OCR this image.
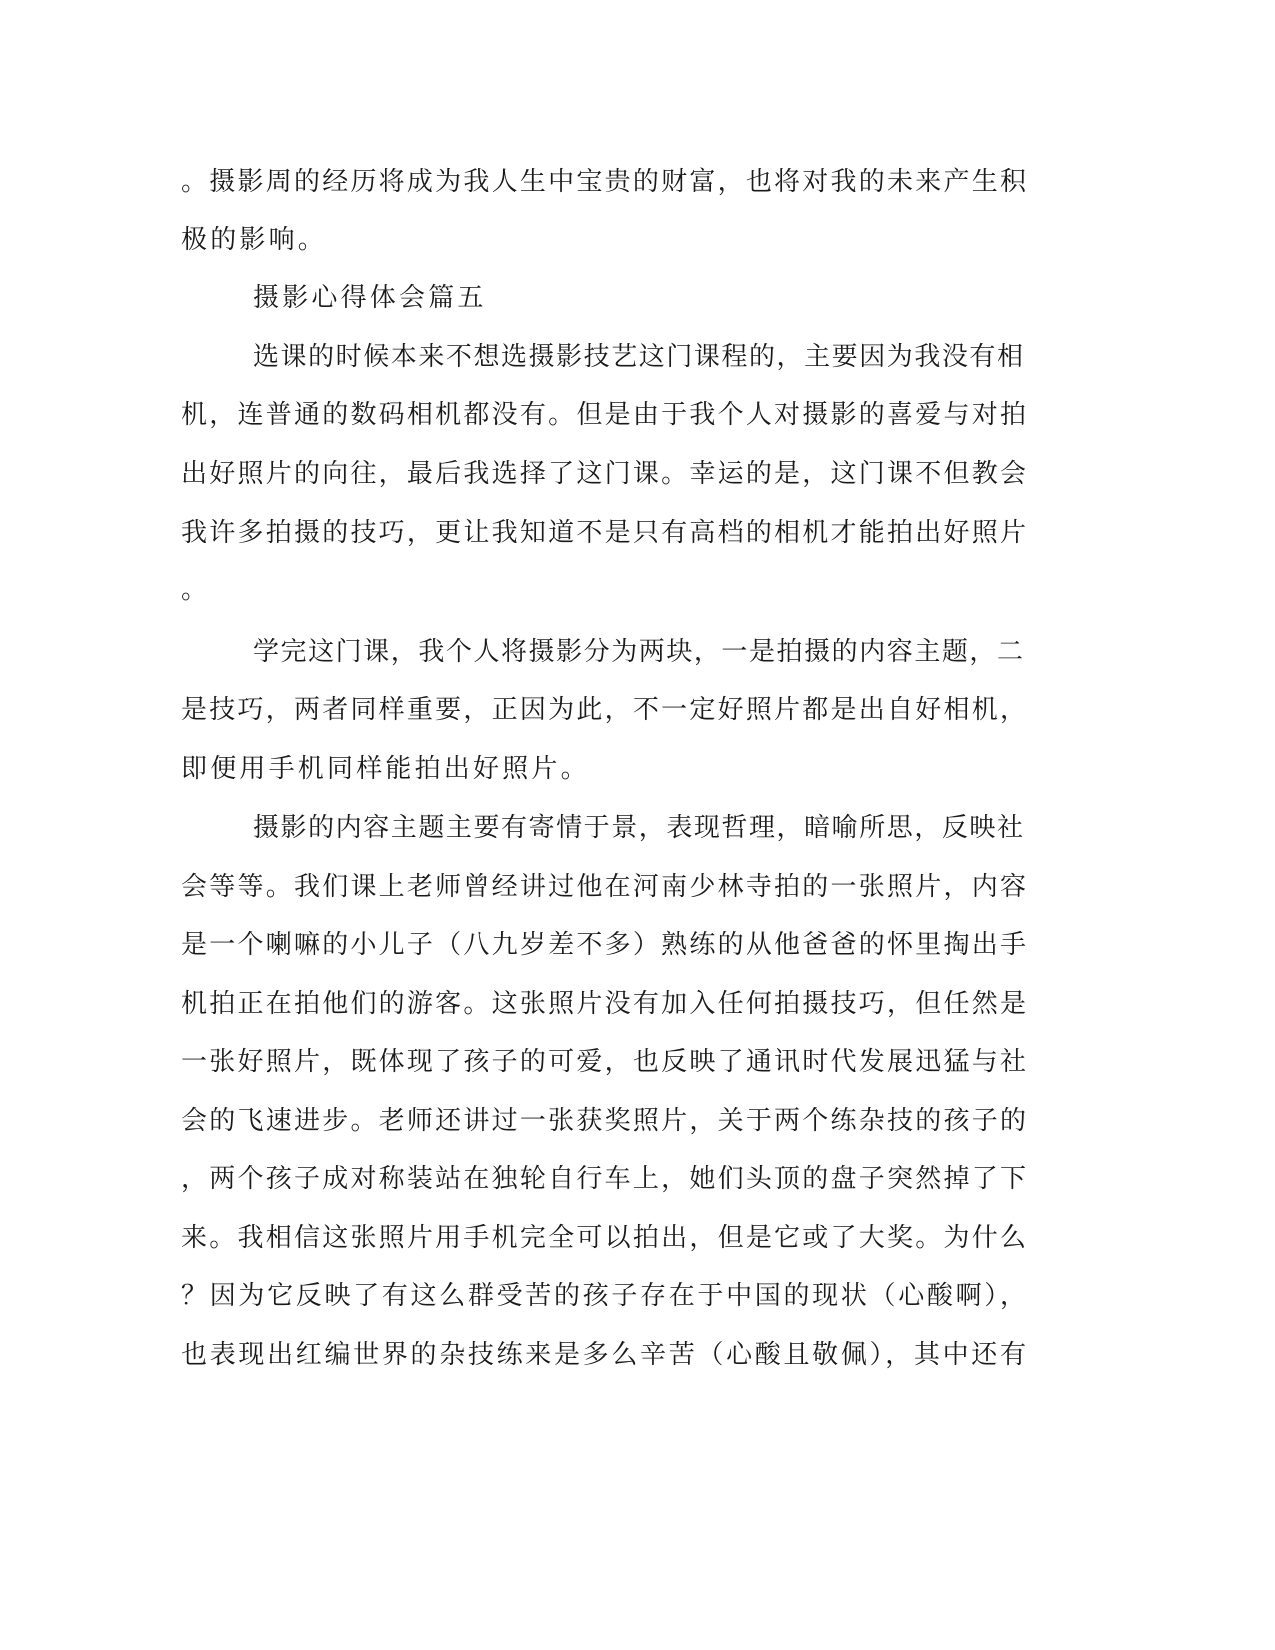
。摄影周的经历将成为我人生中宝贵的财富，也将对我的未来产生积

极的影响。

摄影心得体会篇五

选课的时候本来不想选摄影技艺这门课程的，主要因为我没有相

机，连普通的数码相机都没有。但是由于我个人对摄影的喜爱与对拍

出好照片的向往，最后我选择了这门课。幸运的是，这门课不但教会

我许多拍摄的技巧，更让我知道不是只有高档的相机才能拍出好照片

。

学完这门课，我个人将摄影分为两块，一是拍摄的内容主题，二

是技巧，两者同样重要，正因为此，不一定好照片都是出自好相机，

即便用手机同样能拍出好照片。

摄影的内容主题主要有寄情于景，表现哲理，暗喻所思，反映社

会等等。我们课上老师曾经讲过他在河南少林寺拍的一张照片，内容

是一个喇嘛的小儿子（八九岁差不多）熟练的从他爸爸的怀里掏出手

机拍正在拍他们的游客。这张照片没有加入任何拍摄技巧，但任然是

一张好照片，既体现了孩子的可爱，也反映了通讯时代发展迅猛与社

会的飞速进步。老师还讲过一张获奖照片，关于两个练杂技的孩子的

，两个孩子成对称装站在独轮自行车上，她们头顶的盘子突然掉了下

来。我相信这张照片用手机完全可以拍出，但是它或了大奖。为什么

？因为它反映了有这么群受苦的孩子存在于中国的现状（心酸啊），

也表现出红编世界的杂技练来是多么辛苦（心酸且敬佩），其中还有
